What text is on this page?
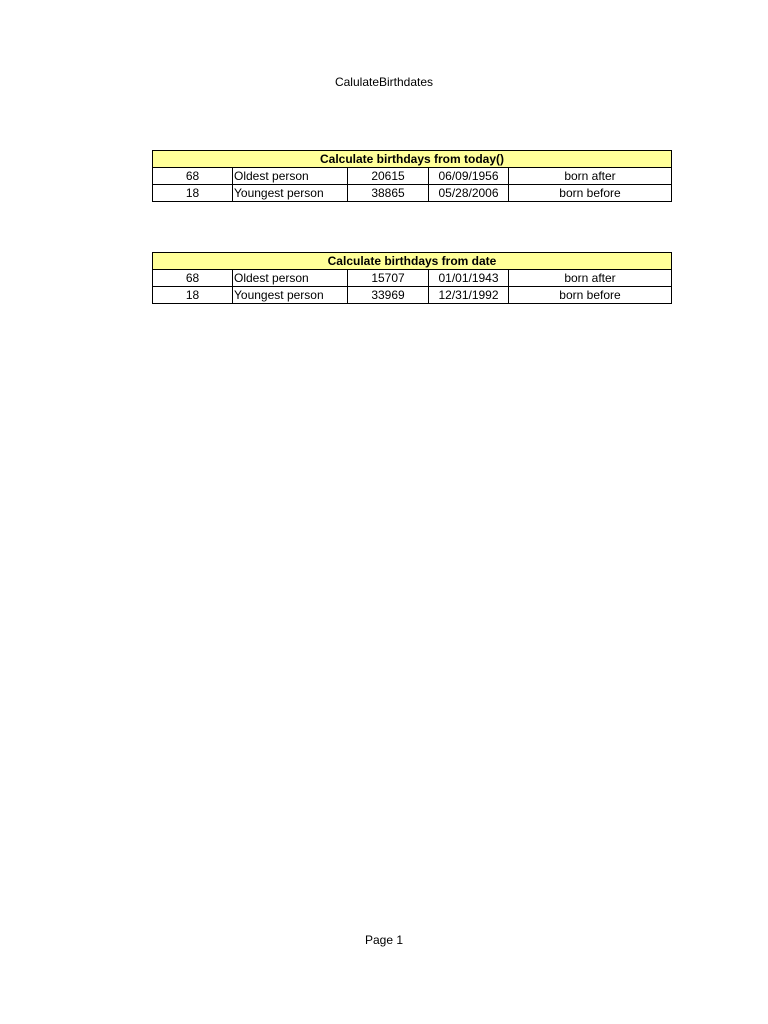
CalulateBirthdates
Calculate birthdays from today()				
68	Oldest person	20615	06/09/1956	born after
18	Youngest person	38865	05/28/2006	born before
Calculate birthdays from date				
68	Oldest person	15707	01/01/1943	born after
18	Youngest person	33969	12/31/1992	born before
Page 1
